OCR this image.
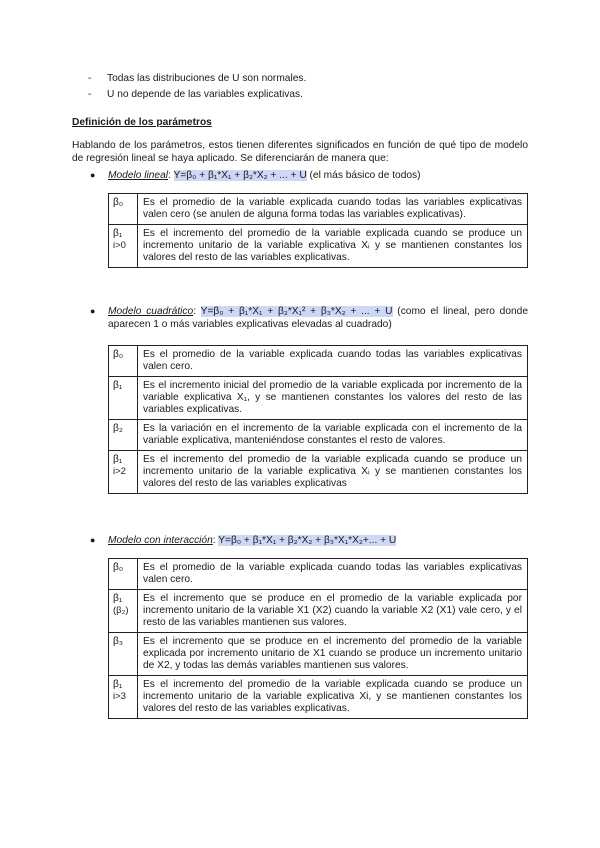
- Todas las distribuciones de U son normales.
- U no depende de las variables explicativas.
Definición de los parámetros
Hablando de los parámetros, estos tienen diferentes significados en función de qué tipo de modelo de regresión lineal se haya aplicado. Se diferenciarán de manera que:
● Modelo lineal: Y=β₀ + β₁*X₁ + β₂*X₂ + ... + U (el más básico de todos)
β₀	Es el promedio de la variable explicada cuando todas las variables explicativas valen cero (se anulen de alguna forma todas las variables explicativas).

β₁
i>0	Es el incremento del promedio de la variable explicada cuando se produce un incremento unitario de la variable explicativa Xᵢ y se mantienen constantes los valores del resto de las variables explicativas.
● Modelo cuadrático: Y=β₀ + β₁*X₁ + β₂*X₁² + β₃*X₂ + ... + U (como el lineal, pero donde aparecen 1 o más variables explicativas elevadas al cuadrado)
β₀	Es el promedio de la variable explicada cuando todas las variables explicativas valen cero.

β₁	Es el incremento inicial del promedio de la variable explicada por incremento de la variable explicativa X₁, y se mantienen constantes los valores del resto de las variables explicativas.

β₂	Es la variación en el incremento de la variable explicada con el incremento de la variable explicativa, manteniéndose constantes el resto de valores.

β₁
i>2	Es el incremento del promedio de la variable explicada cuando se produce un incremento unitario de la variable explicativa Xᵢ y se mantienen constantes los valores del resto de las variables explicativas
● Modelo con interacción: Y=β₀ + β₁*X₁ + β₂*X₂ + β₃*X₁*X₂+... + U
β₀	Es el promedio de la variable explicada cuando todas las variables explicativas valen cero.

β₁
(β₂)	Es el incremento que se produce en el promedio de la variable explicada por incremento unitario de la variable X1 (X2) cuando la variable X2 (X1) vale cero, y el resto de las variables mantienen sus valores.

β₃	Es el incremento que se produce en el incremento del promedio de la variable explicada por incremento unitario de X1 cuando se produce un incremento unitario de X2, y todas las demás variables mantienen sus valores.

β₁
i>3	Es el incremento del promedio de la variable explicada cuando se produce un incremento unitario de la variable explicativa Xi, y se mantienen constantes los valores del resto de las variables explicativas.
